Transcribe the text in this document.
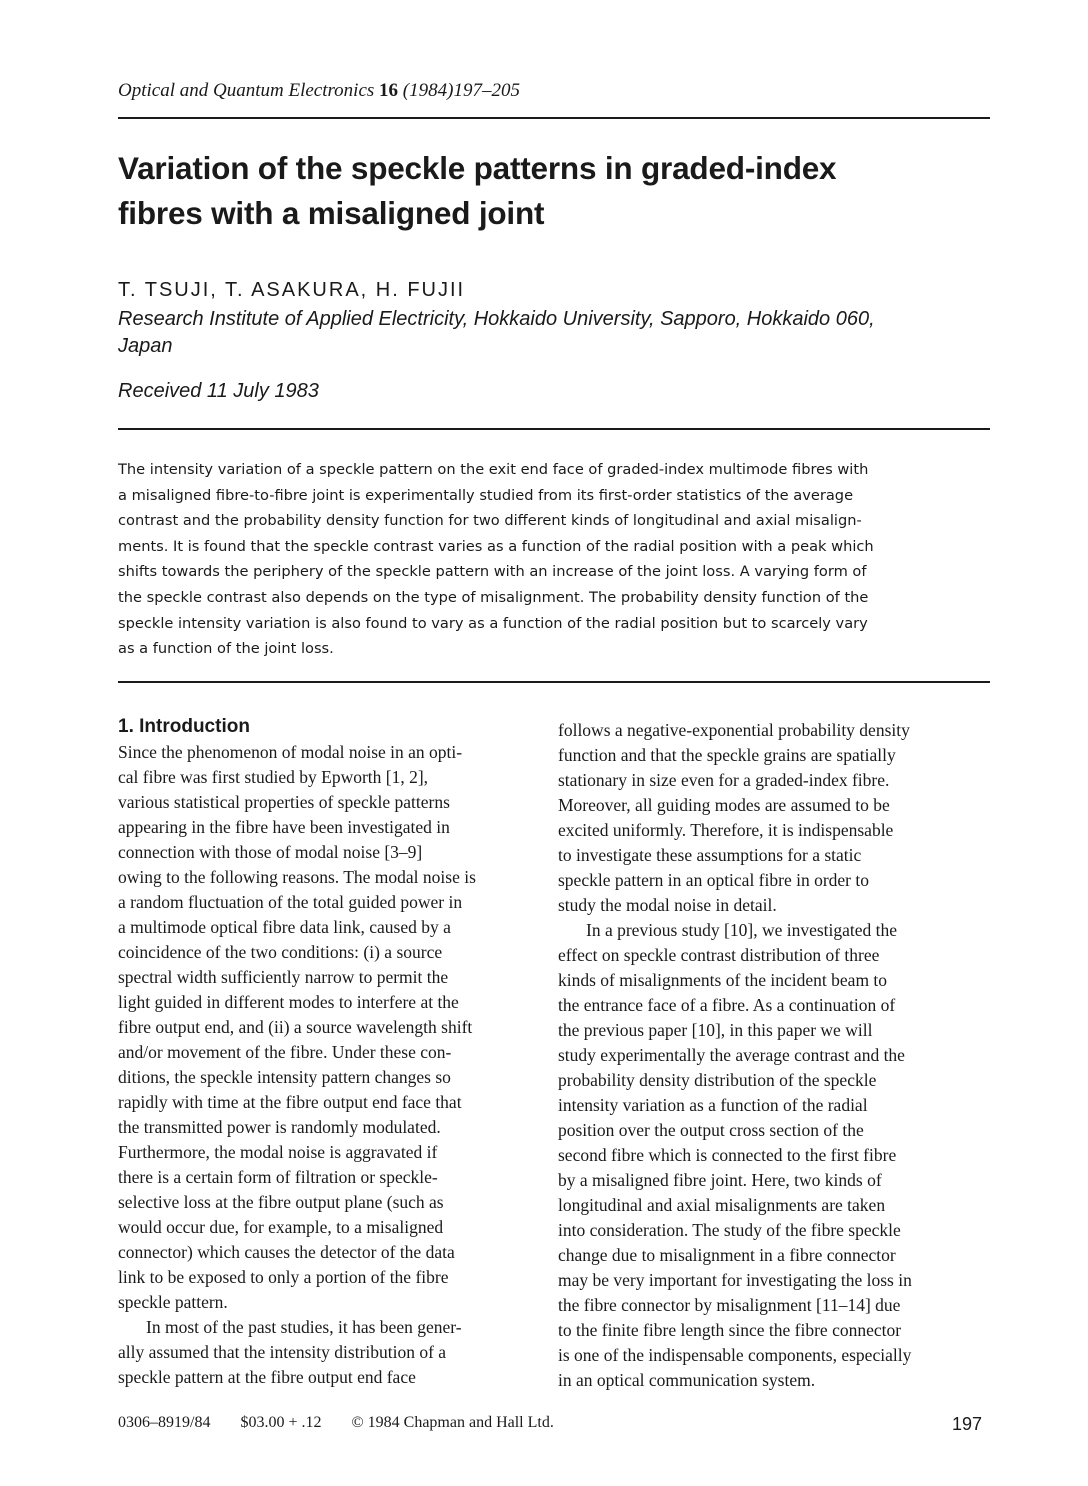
Optical and Quantum Electronics 16 (1984)197–205
Variation of the speckle patterns in graded-index
fibres with a misaligned joint
T. TSUJI, T. ASAKURA, H. FUJII
Research Institute of Applied Electricity, Hokkaido University, Sapporo, Hokkaido 060,
Japan
Received 11 July 1983
The intensity variation of a speckle pattern on the exit end face of graded-index multimode fibres with
a misaligned fibre-to-fibre joint is experimentally studied from its first-order statistics of the average
contrast and the probability density function for two different kinds of longitudinal and axial misalign-
ments. It is found that the speckle contrast varies as a function of the radial position with a peak which
shifts towards the periphery of the speckle pattern with an increase of the joint loss. A varying form of
the speckle contrast also depends on the type of misalignment. The probability density function of the
speckle intensity variation is also found to vary as a function of the radial position but to scarcely vary
as a function of the joint loss.
1. Introduction
Since the phenomenon of modal noise in an opti-
cal fibre was first studied by Epworth [1, 2],
various statistical properties of speckle patterns
appearing in the fibre have been investigated in
connection with those of modal noise [3–9]
owing to the following reasons. The modal noise is
a random fluctuation of the total guided power in
a multimode optical fibre data link, caused by a
coincidence of the two conditions: (i) a source
spectral width sufficiently narrow to permit the
light guided in different modes to interfere at the
fibre output end, and (ii) a source wavelength shift
and/or movement of the fibre. Under these con-
ditions, the speckle intensity pattern changes so
rapidly with time at the fibre output end face that
the transmitted power is randomly modulated.
Furthermore, the modal noise is aggravated if
there is a certain form of filtration or speckle-
selective loss at the fibre output plane (such as
would occur due, for example, to a misaligned
connector) which causes the detector of the data
link to be exposed to only a portion of the fibre
speckle pattern.
In most of the past studies, it has been gener-
ally assumed that the intensity distribution of a
speckle pattern at the fibre output end face
follows a negative-exponential probability density
function and that the speckle grains are spatially
stationary in size even for a graded-index fibre.
Moreover, all guiding modes are assumed to be
excited uniformly. Therefore, it is indispensable
to investigate these assumptions for a static
speckle pattern in an optical fibre in order to
study the modal noise in detail.
In a previous study [10], we investigated the
effect on speckle contrast distribution of three
kinds of misalignments of the incident beam to
the entrance face of a fibre. As a continuation of
the previous paper [10], in this paper we will
study experimentally the average contrast and the
probability density distribution of the speckle
intensity variation as a function of the radial
position over the output cross section of the
second fibre which is connected to the first fibre
by a misaligned fibre joint. Here, two kinds of
longitudinal and axial misalignments are taken
into consideration. The study of the fibre speckle
change due to misalignment in a fibre connector
may be very important for investigating the loss in
the fibre connector by misalignment [11–14] due
to the finite fibre length since the fibre connector
is one of the indispensable components, especially
in an optical communication system.
0306–8919/84 $03.00 + .12 © 1984 Chapman and Hall Ltd.	197
